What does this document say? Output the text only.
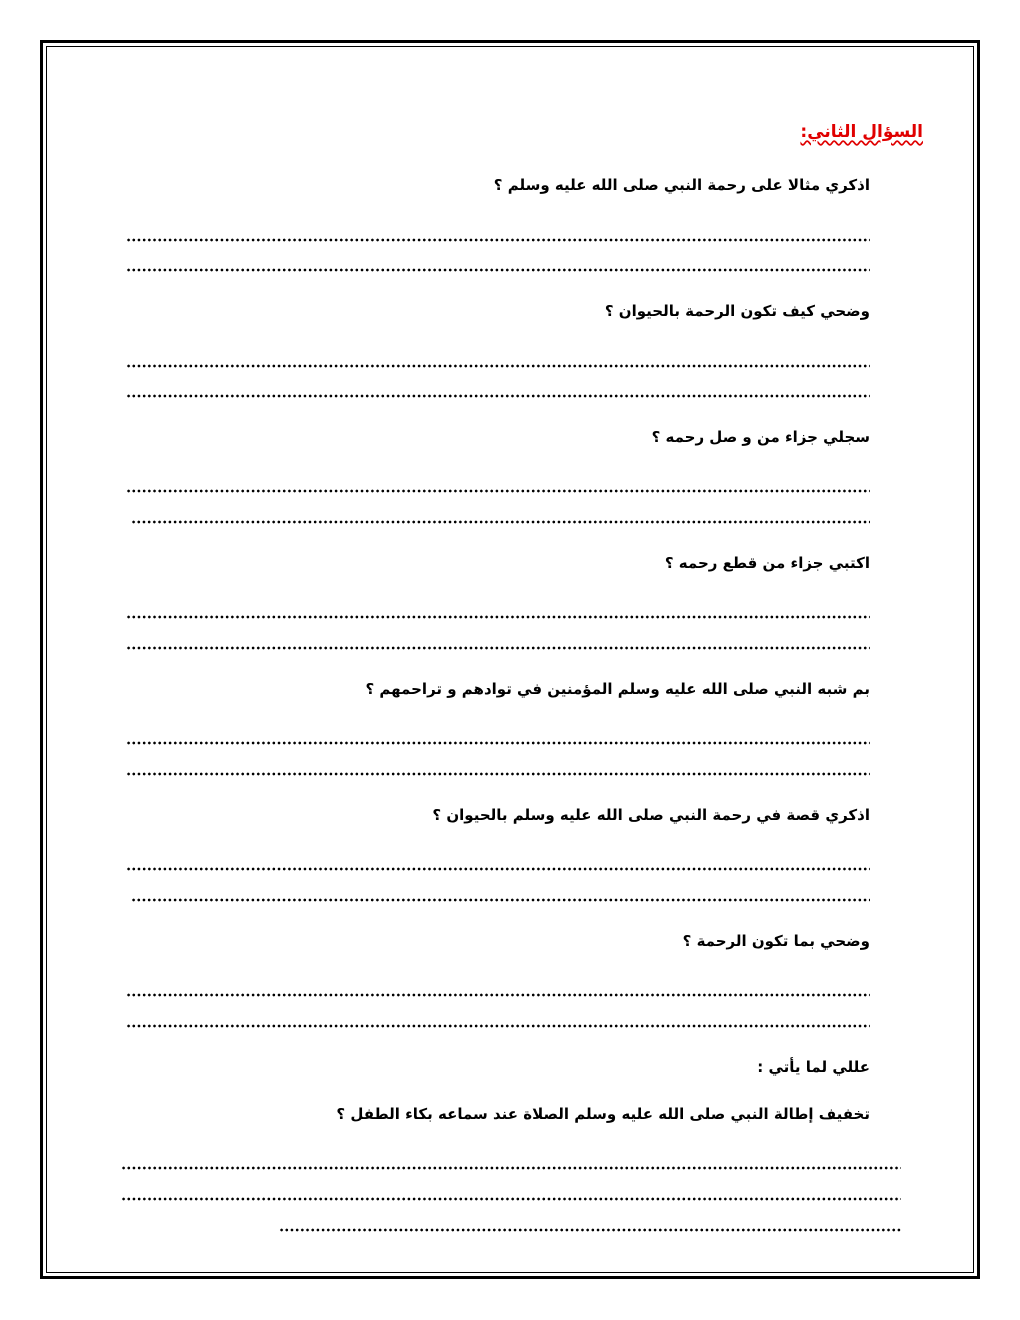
السؤال الثاني:
اذكري مثالا على رحمة النبي صلى الله عليه وسلم ؟
وضحي كيف تكون الرحمة بالحيوان ؟
سجلي جزاء من و صل رحمه ؟
اكتبي جزاء من قطع رحمه ؟
بم شبه النبي صلى الله عليه وسلم المؤمنين في توادهم و تراحمهم ؟
اذكري قصة في رحمة النبي صلى الله عليه وسلم بالحيوان ؟
وضحي بما تكون الرحمة ؟
عللي لما يأتي :
تخفيف إطالة النبي صلى الله عليه وسلم الصلاة عند سماعه بكاء الطفل ؟
